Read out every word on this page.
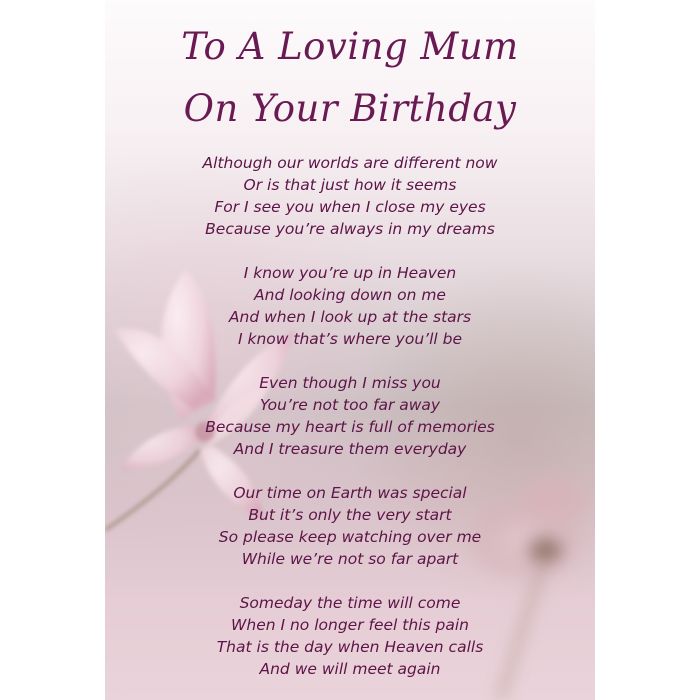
To A Loving Mum
On Your Birthday
Although our worlds are different now
Or is that just how it seems
For I see you when I close my eyes
Because you’re always in my dreams
I know you’re up in Heaven
And looking down on me
And when I look up at the stars
I know that’s where you’ll be
Even though I miss you
You’re not too far away
Because my heart is full of memories
And I treasure them everyday
Our time on Earth was special
But it’s only the very start
So please keep watching over me
While we’re not so far apart
Someday the time will come
When I no longer feel this pain
That is the day when Heaven calls
And we will meet again
